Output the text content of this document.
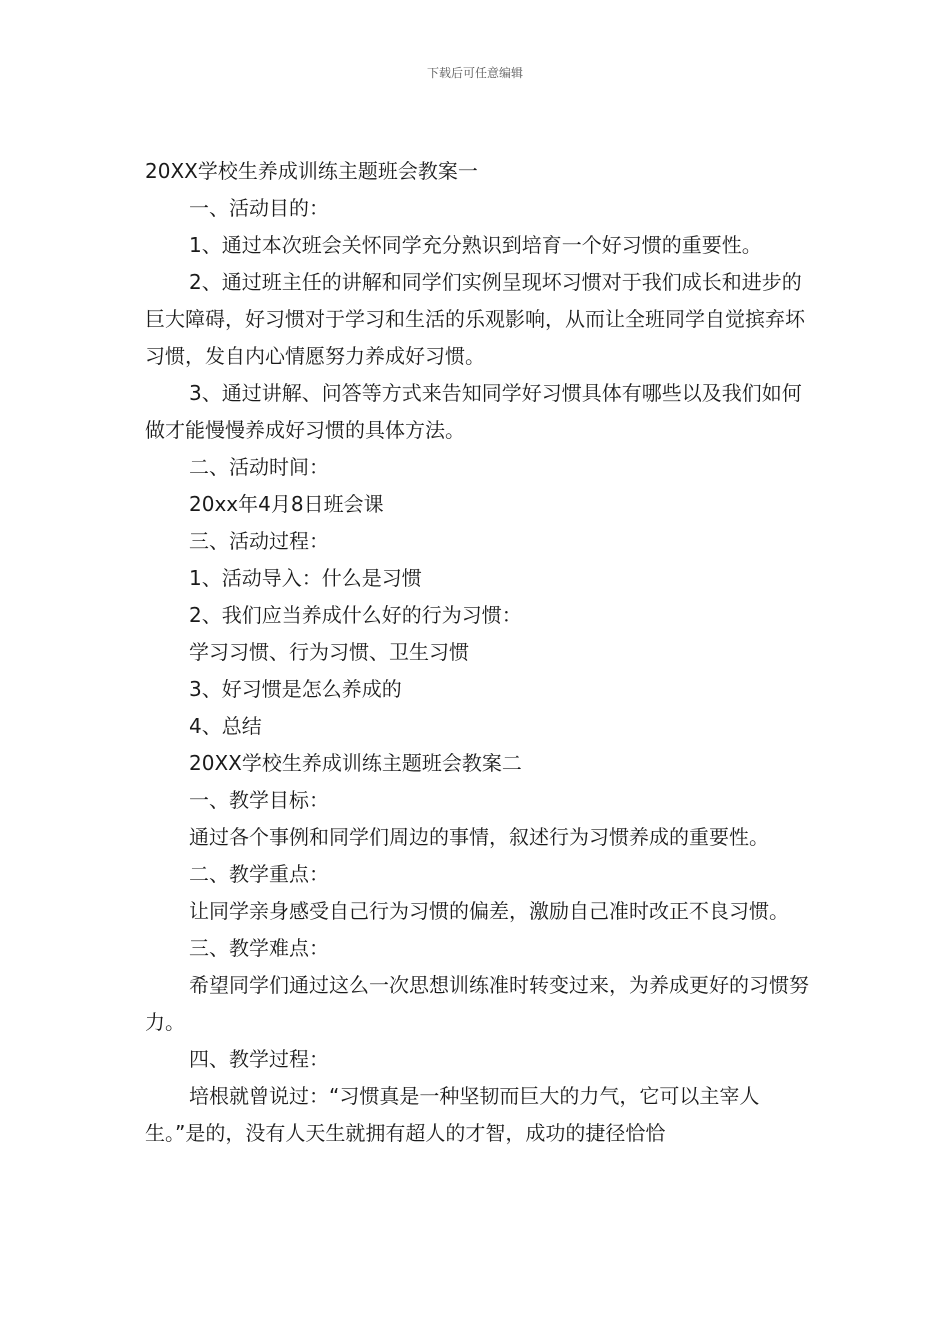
下载后可任意编辑

20XX学校生养成训练主题班会教案一

一、活动目的：

1、通过本次班会关怀同学充分熟识到培育一个好习惯的重要性。

2、通过班主任的讲解和同学们实例呈现坏习惯对于我们成长和进步的巨大障碍，好习惯对于学习和生活的乐观影响，从而让全班同学自觉摈弃坏习惯，发自内心情愿努力养成好习惯。

3、通过讲解、问答等方式来告知同学好习惯具体有哪些以及我们如何做才能慢慢养成好习惯的具体方法。

二、活动时间：

20xx年4月8日班会课

三、活动过程：

1、活动导入：什么是习惯

2、我们应当养成什么好的行为习惯：

学习习惯、行为习惯、卫生习惯

3、好习惯是怎么养成的

4、总结

20XX学校生养成训练主题班会教案二

一、教学目标：

通过各个事例和同学们周边的事情，叙述行为习惯养成的重要性。

二、教学重点：

让同学亲身感受自己行为习惯的偏差，激励自己准时改正不良习惯。

三、教学难点：

希望同学们通过这么一次思想训练准时转变过来，为养成更好的习惯努力。

四、教学过程：

培根就曾说过：“习惯真是一种坚韧而巨大的力气，它可以主宰人生。”是的，没有人天生就拥有超人的才智，成功的捷径恰恰
